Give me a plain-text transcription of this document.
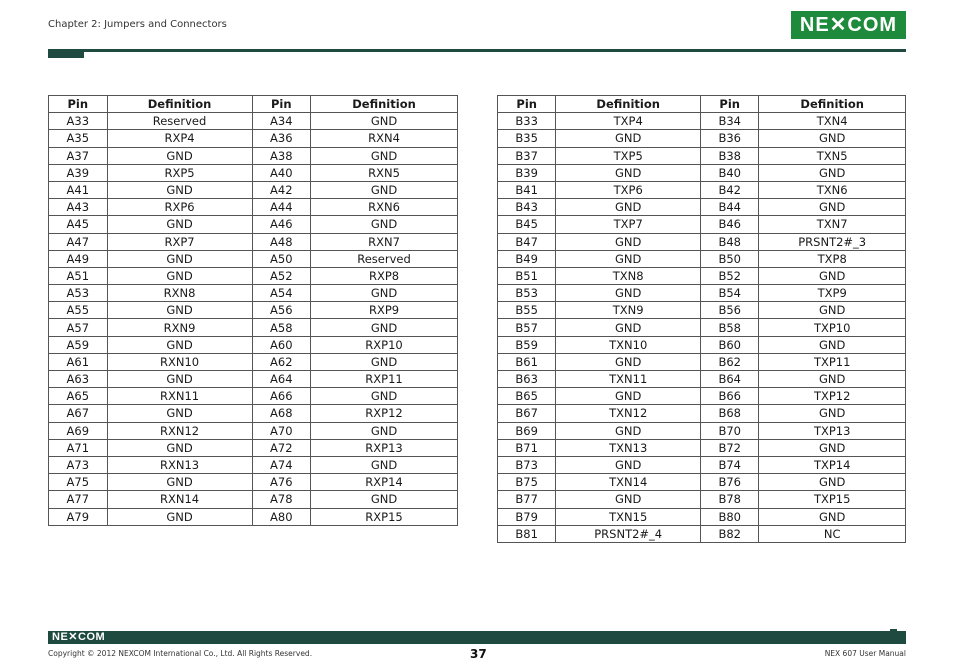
Chapter 2: Jumpers and Connectors	NE✕COM
Pin	Definition	Pin	Definition
A33	Reserved	A34	GND
A35	RXP4	A36	RXN4
A37	GND	A38	GND
A39	RXP5	A40	RXN5
A41	GND	A42	GND
A43	RXP6	A44	RXN6
A45	GND	A46	GND
A47	RXP7	A48	RXN7
A49	GND	A50	Reserved
A51	GND	A52	RXP8
A53	RXN8	A54	GND
A55	GND	A56	RXP9
A57	RXN9	A58	GND
A59	GND	A60	RXP10
A61	RXN10	A62	GND
A63	GND	A64	RXP11
A65	RXN11	A66	GND
A67	GND	A68	RXP12
A69	RXN12	A70	GND
A71	GND	A72	RXP13
A73	RXN13	A74	GND
A75	GND	A76	RXP14
A77	RXN14	A78	GND
A79	GND	A80	RXP15
Pin	Definition	Pin	Definition
B33	TXP4	B34	TXN4
B35	GND	B36	GND
B37	TXP5	B38	TXN5
B39	GND	B40	GND
B41	TXP6	B42	TXN6
B43	GND	B44	GND
B45	TXP7	B46	TXN7
B47	GND	B48	PRSNT2#_3
B49	GND	B50	TXP8
B51	TXN8	B52	GND
B53	GND	B54	TXP9
B55	TXN9	B56	GND
B57	GND	B58	TXP10
B59	TXN10	B60	GND
B61	GND	B62	TXP11
B63	TXN11	B64	GND
B65	GND	B66	TXP12
B67	TXN12	B68	GND
B69	GND	B70	TXP13
B71	TXN13	B72	GND
B73	GND	B74	TXP14
B75	TXN14	B76	GND
B77	GND	B78	TXP15
B79	TXN15	B80	GND
B81	PRSNT2#_4	B82	NC
NE✕COM
Copyright © 2012 NEXCOM International Co., Ltd. All Rights Reserved.	37	NEX 607 User Manual
